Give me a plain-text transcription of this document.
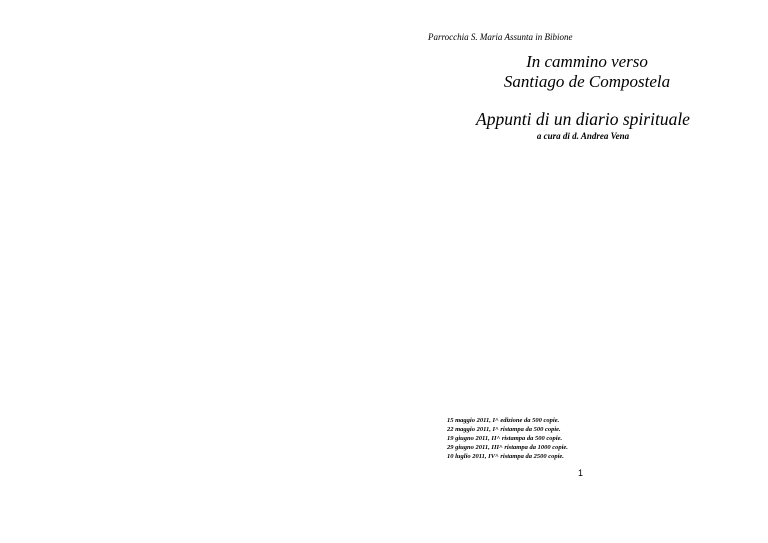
Parrocchia S. Maria Assunta in Bibione
In cammino verso
Santiago de Compostela
Appunti di un diario spirituale
a cura di d. Andrea Vena
15 maggio 2011, I^ edizione da 500 copie.
22 maggio 2011, I^ ristampa da 500 copie.
19 giugno 2011, II^ ristampa da 500 copie.
29 giugno 2011, III^ ristampa da 1000 copie.
10 luglio 2011, IV^ ristampa da 2500 copie.
1
